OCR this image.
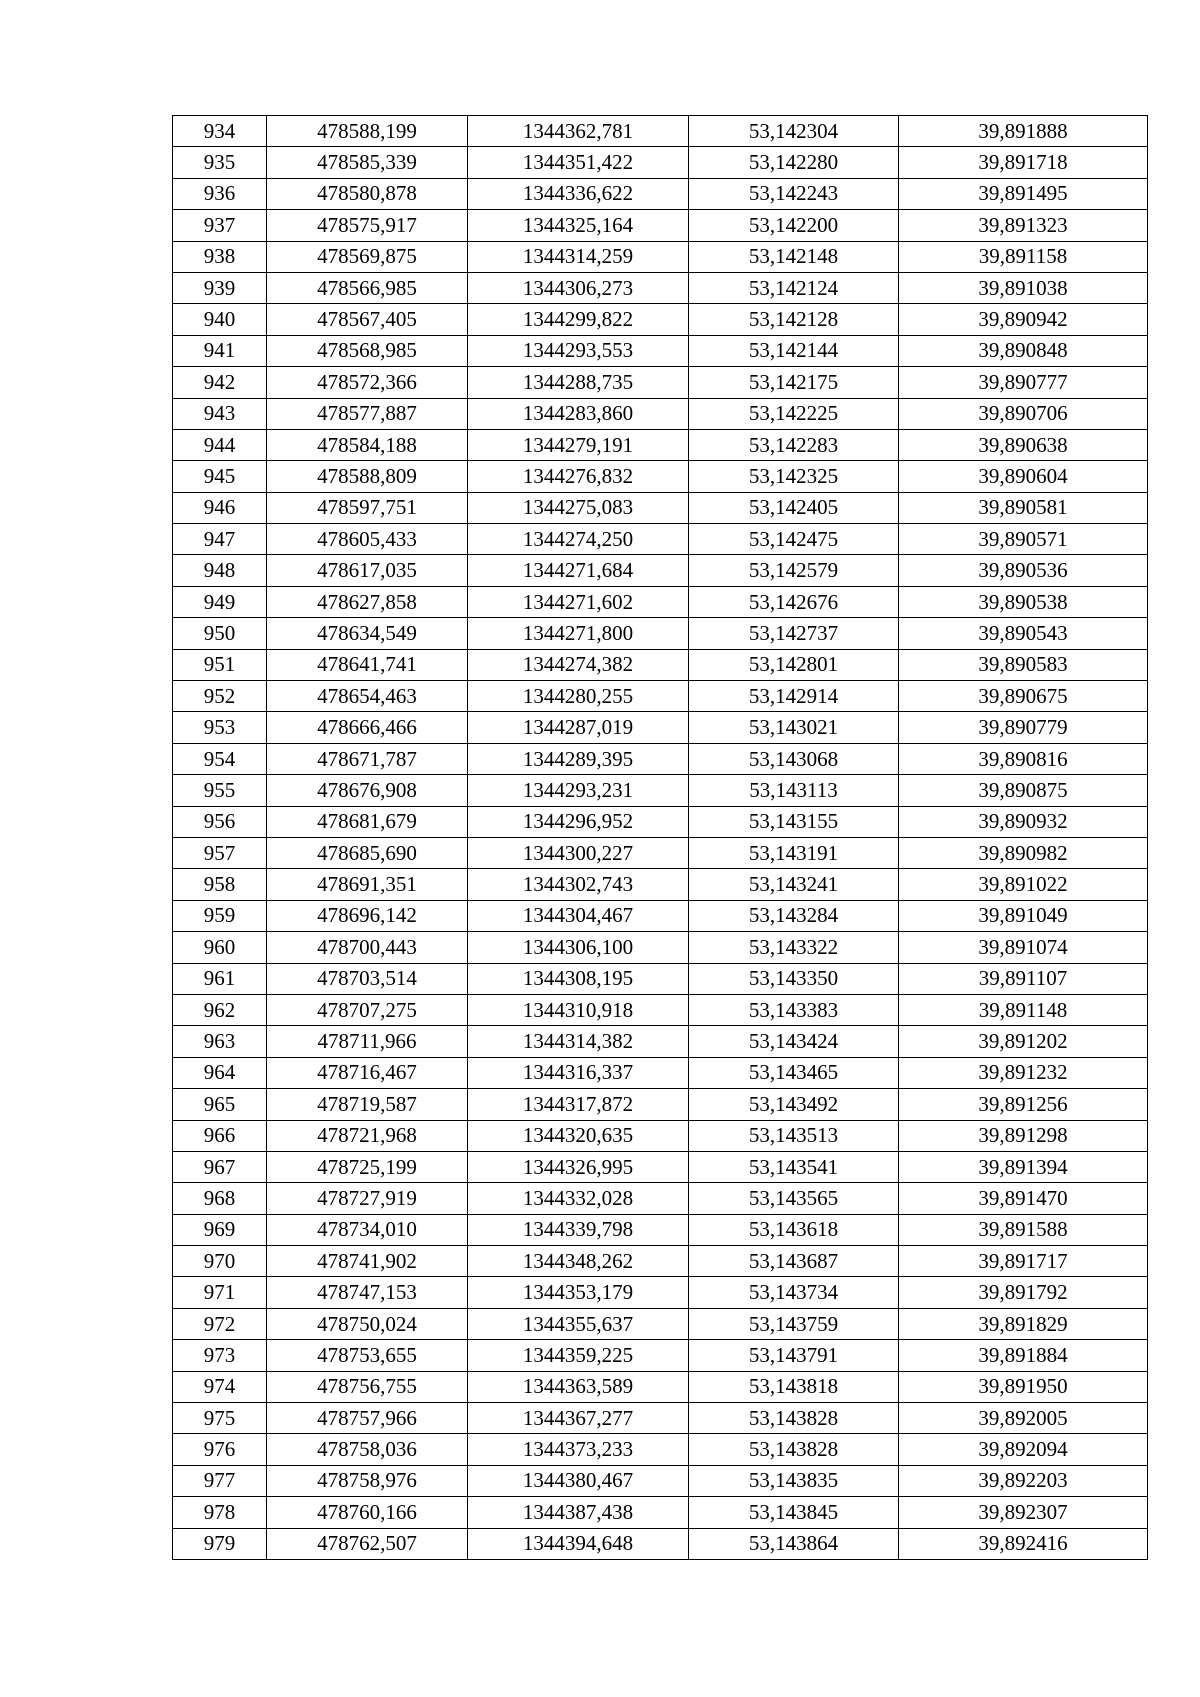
934	478588,199	1344362,781	53,142304	39,891888
935	478585,339	1344351,422	53,142280	39,891718
936	478580,878	1344336,622	53,142243	39,891495
937	478575,917	1344325,164	53,142200	39,891323
938	478569,875	1344314,259	53,142148	39,891158
939	478566,985	1344306,273	53,142124	39,891038
940	478567,405	1344299,822	53,142128	39,890942
941	478568,985	1344293,553	53,142144	39,890848
942	478572,366	1344288,735	53,142175	39,890777
943	478577,887	1344283,860	53,142225	39,890706
944	478584,188	1344279,191	53,142283	39,890638
945	478588,809	1344276,832	53,142325	39,890604
946	478597,751	1344275,083	53,142405	39,890581
947	478605,433	1344274,250	53,142475	39,890571
948	478617,035	1344271,684	53,142579	39,890536
949	478627,858	1344271,602	53,142676	39,890538
950	478634,549	1344271,800	53,142737	39,890543
951	478641,741	1344274,382	53,142801	39,890583
952	478654,463	1344280,255	53,142914	39,890675
953	478666,466	1344287,019	53,143021	39,890779
954	478671,787	1344289,395	53,143068	39,890816
955	478676,908	1344293,231	53,143113	39,890875
956	478681,679	1344296,952	53,143155	39,890932
957	478685,690	1344300,227	53,143191	39,890982
958	478691,351	1344302,743	53,143241	39,891022
959	478696,142	1344304,467	53,143284	39,891049
960	478700,443	1344306,100	53,143322	39,891074
961	478703,514	1344308,195	53,143350	39,891107
962	478707,275	1344310,918	53,143383	39,891148
963	478711,966	1344314,382	53,143424	39,891202
964	478716,467	1344316,337	53,143465	39,891232
965	478719,587	1344317,872	53,143492	39,891256
966	478721,968	1344320,635	53,143513	39,891298
967	478725,199	1344326,995	53,143541	39,891394
968	478727,919	1344332,028	53,143565	39,891470
969	478734,010	1344339,798	53,143618	39,891588
970	478741,902	1344348,262	53,143687	39,891717
971	478747,153	1344353,179	53,143734	39,891792
972	478750,024	1344355,637	53,143759	39,891829
973	478753,655	1344359,225	53,143791	39,891884
974	478756,755	1344363,589	53,143818	39,891950
975	478757,966	1344367,277	53,143828	39,892005
976	478758,036	1344373,233	53,143828	39,892094
977	478758,976	1344380,467	53,143835	39,892203
978	478760,166	1344387,438	53,143845	39,892307
979	478762,507	1344394,648	53,143864	39,892416
